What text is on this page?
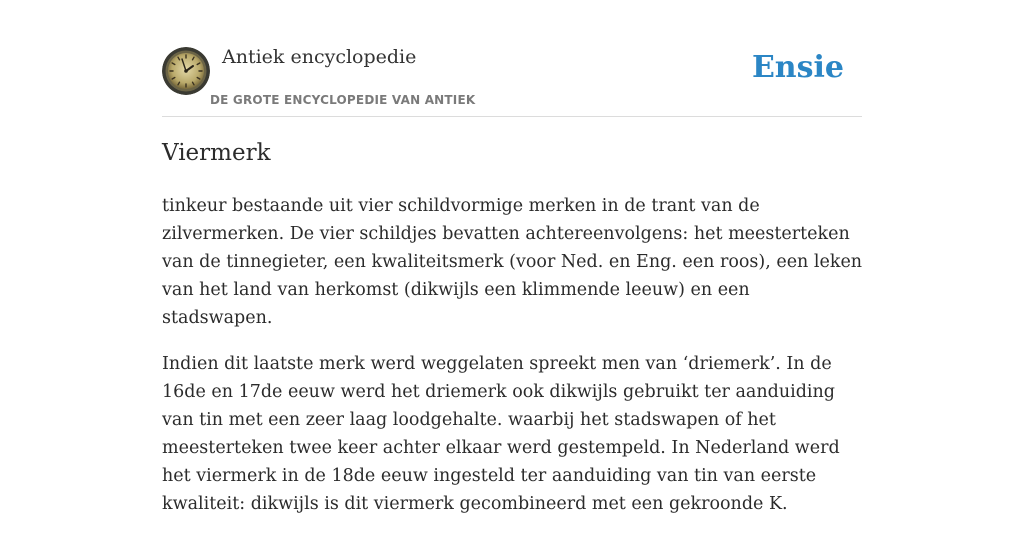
Antiek encyclopedie
DE GROTE ENCYCLOPEDIE VAN ANTIEK
Ensie
Viermerk

tinkeur bestaande uit vier schildvormige merken in de trant van de zilvermerken. De vier schildjes bevatten achtereenvolgens: het meesterteken van de tinnegieter, een kwaliteitsmerk (voor Ned. en Eng. een roos), een leken van het land van herkomst (dikwijls een klimmende leeuw) en een stadswapen.

Indien dit laatste merk werd weggelaten spreekt men van ‘driemerk’. In de 16de en 17de eeuw werd het driemerk ook dikwijls gebruikt ter aanduiding van tin met een zeer laag loodgehalte. waarbij het stadswapen of het meesterteken twee keer achter elkaar werd gestempeld. In Nederland werd het viermerk in de 18de eeuw ingesteld ter aanduiding van tin van eerste kwaliteit: dikwijls is dit viermerk gecombineerd met een gekroonde K.
